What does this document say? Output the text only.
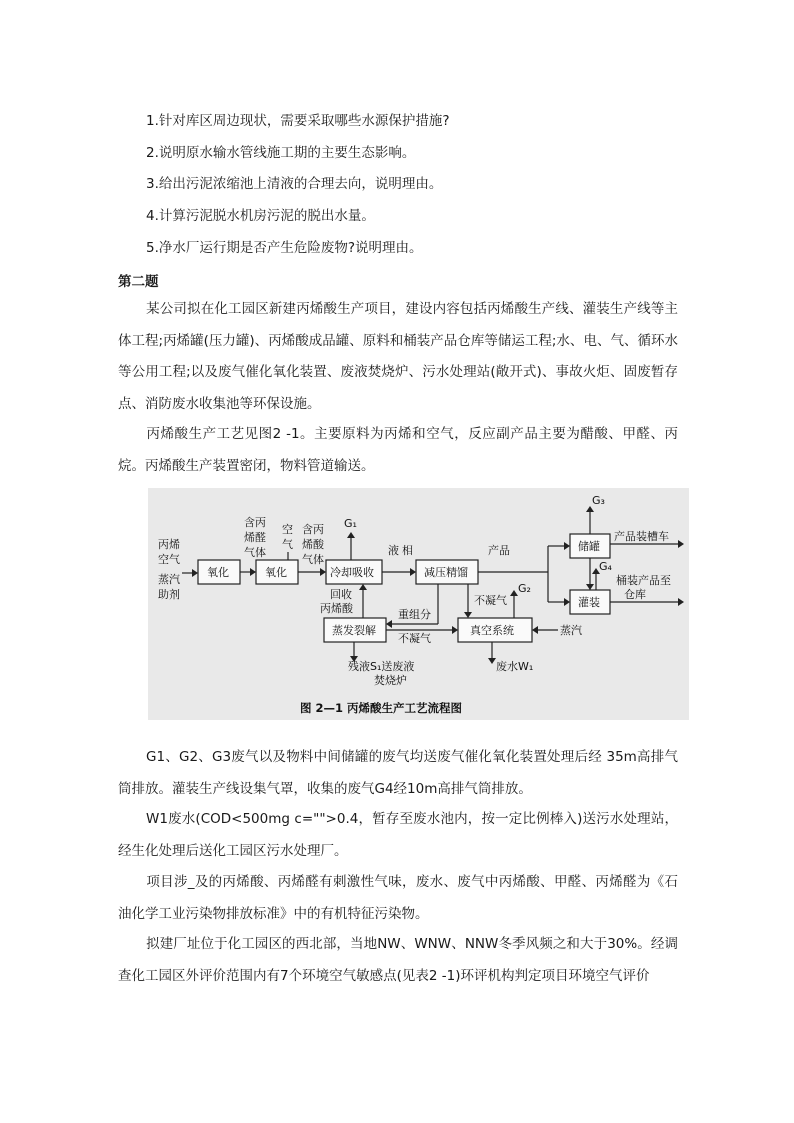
1.针对库区周边现状，需要采取哪些水源保护措施?
2.说明原水输水管线施工期的主要生态影响。
3.给出污泥浓缩池上清液的合理去向，说明理由。
4.计算污泥脱水机房污泥的脱出水量。
5.净水厂运行期是否产生危险废物?说明理由。
第二题
某公司拟在化工园区新建丙烯酸生产项目，建设内容包括丙烯酸生产线、灌装生产线等主体工程;丙烯罐(压力罐)、丙烯酸成品罐、原料和桶装产品仓库等储运工程;水、电、气、循环水等公用工程;以及废气催化氧化装置、废液焚烧炉、污水处理站(敞开式)、事故火炬、固废暂存点、消防废水收集池等环保设施。
丙烯酸生产工艺见图2 -1。主要原料为丙烯和空气，反应副产品主要为醋酸、甲醛、丙烷。丙烯酸生产装置密闭，物料管道输送。
丙烯
空气
蒸汽
助剂
氧化
含丙
烯醛
气体
氧化
空
气
含丙
烯酸
气体
冷却吸收
G₁
液 相
减压精馏
产品	储罐
G₃
产品装槽车
灌装
G₄
桶装产品至
仓库
回收
丙烯酸
蒸发裂解
重组分
残液S₁送废液
焚烧炉
真空系统
不凝气
G₂
不凝气
蒸汽
废水W₁
图 2—1 丙烯酸生产工艺流程图
G1、G2、G3废气以及物料中间储罐的废气均送废气催化氧化装置处理后经 35m高排气筒排放。灌装生产线设集气罩，收集的废气G4经10m高排气筒排放。
W1废水(COD<500mg c="">0.4，暂存至废水池内，按一定比例棒入)送污水处理站，经生化处理后送化工园区污水处理厂。
项目涉_及的丙烯酸、丙烯醛有刺激性气味，废水、废气中丙烯酸、甲醛、丙烯醛为《石油化学工业污染物排放标准》中的有机特征污染物。
拟建厂址位于化工园区的西北部，当地NW、WNW、NNW冬季风频之和大于30%。经调查化工园区外评价范围内有7个环境空气敏感点(见表2 -1)环评机构判定项目环境空气评价
